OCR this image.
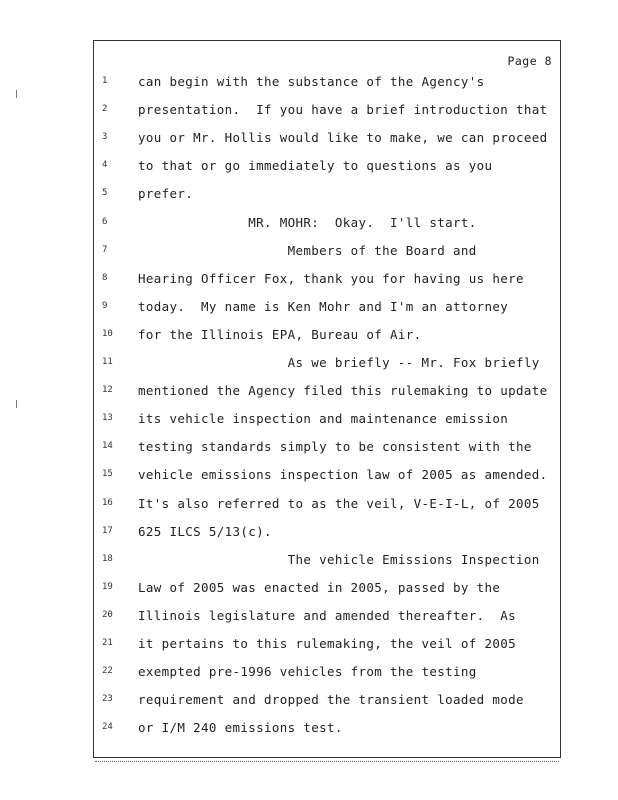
Page 8
1	can begin with the substance of the Agency's
2	presentation.  If you have a brief introduction that
3	you or Mr. Hollis would like to make, we can proceed
4	to that or go immediately to questions as you
5	prefer.
6	MR. MOHR:  Okay.  I'll start.
7	Members of the Board and
8	Hearing Officer Fox, thank you for having us here
9	today.  My name is Ken Mohr and I'm an attorney
10	for the Illinois EPA, Bureau of Air.
11	As we briefly -- Mr. Fox briefly
12	mentioned the Agency filed this rulemaking to update
13	its vehicle inspection and maintenance emission
14	testing standards simply to be consistent with the
15	vehicle emissions inspection law of 2005 as amended.
16	It's also referred to as the veil, V-E-I-L, of 2005
17	625 ILCS 5/13(c).
18	The vehicle Emissions Inspection
19	Law of 2005 was enacted in 2005, passed by the
20	Illinois legislature and amended thereafter.  As
21	it pertains to this rulemaking, the veil of 2005
22	exempted pre-1996 vehicles from the testing
23	requirement and dropped the transient loaded mode
24	or I/M 240 emissions test.
